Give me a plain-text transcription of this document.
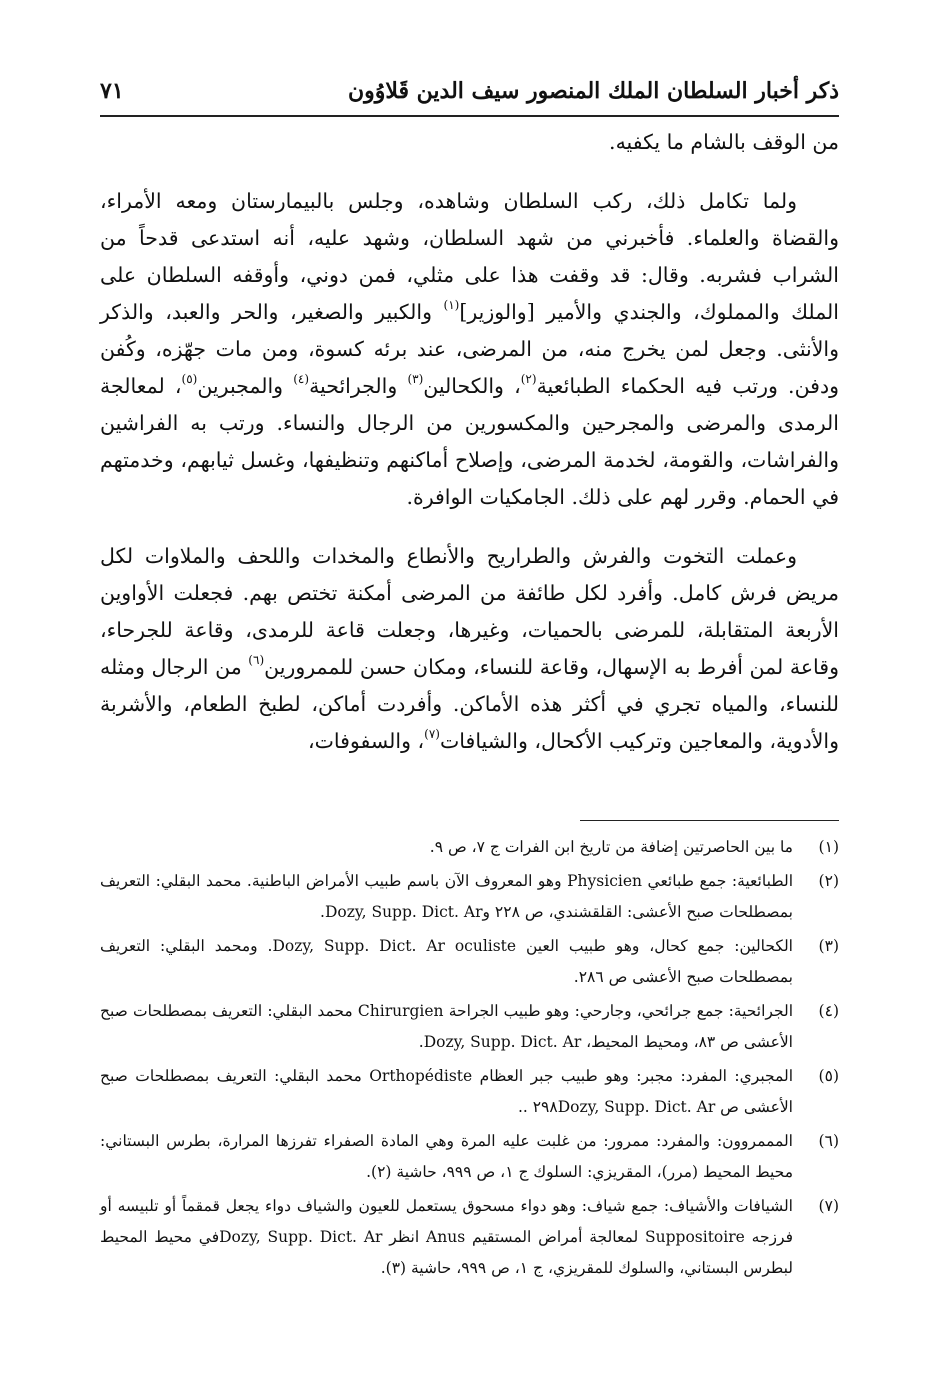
ذكر أخبار السلطان الملك المنصور سيف الدين قَلاوُون
٧١

من الوقف بالشام ما يكفيه.

ولما تكامل ذلك، ركب السلطان وشاهده، وجلس بالبيمارستان ومعه الأمراء، والقضاة والعلماء. فأخبرني من شهد السلطان، وشهد عليه، أنه استدعى قدحاً من الشراب فشربه. وقال: قد وقفت هذا على مثلي، فمن دوني، وأوقفه السلطان على الملك والمملوك، والجندي والأمير [والوزير]$^{(١)}$ والكبير والصغير، والحر والعبد، والذكر والأنثى. وجعل لمن يخرج منه، من المرضى، عند برئه كسوة، ومن مات جهّزه، وكُفن ودفن. ورتب فيه الحكماء الطبائعية$^{(٢)}$، والكحالين$^{(٣)}$ والجرائحية$^{(٤)}$ والمجبرين$^{(٥)}$، لمعالجة الرمدى والمرضى والمجرحين والمكسورين من الرجال والنساء. ورتب به الفراشين والفراشات، والقومة، لخدمة المرضى، وإصلاح أماكنهم وتنظيفها، وغسل ثيابهم، وخدمتهم في الحمام. وقرر لهم على ذلك. الجامكيات الوافرة.

وعملت التخوت والفرش والطراريح والأنطاع والمخدات واللحف والملاوات لكل مريض فرش كامل. وأفرد لكل طائفة من المرضى أمكنة تختص بهم. فجعلت الأواوين الأربعة المتقابلة، للمرضى بالحميات، وغيرها، وجعلت قاعة للرمدى، وقاعة للجرحاء، وقاعة لمن أفرط به الإسهال، وقاعة للنساء، ومكان حسن للممرورين$^{(٦)}$ من الرجال ومثله للنساء، والمياه تجري في أكثر هذه الأماكن. وأفردت أماكن، لطبخ الطعام، والأشربة والأدوية، والمعاجين وتركيب الأكحال، والشيافات$^{(٧)}$، والسفوفات،

(١)
ما بين الحاصرتين إضافة من تاريخ ابن الفرات ج ٧، ص ٩.
(٢)
الطبائعية: جمع طبائعي Physicien وهو المعروف الآن باسم طبيب الأمراض الباطنية. محمد البقلي: التعريف بمصطلحات صبح الأعشى: القلقشندي، ص ٢٢٨ وDozy, Supp. Dict. Ar.
(٣)
الكحالين: جمع كحال، وهو طبيب العين Dozy, Supp. Dict. Ar oculiste. ومحمد البقلي: التعريف بمصطلحات صبح الأعشى ص ٢٨٦.
(٤)
الجرائحية: جمع جرائحي، وجارحي: وهو طبيب الجراحة Chirurgien محمد البقلي: التعريف بمصطلحات صبح الأعشى ص ٨٣، ومحيط المحيط، Dozy, Supp. Dict. Ar.
(٥)
المجبري: المفرد: مجبر: وهو طبيب جبر العظام Orthopédiste محمد البقلي: التعريف بمصطلحات صبح الأعشى ص ٢٩٨Dozy, Supp. Dict. Ar ..
(٦)
المممروون: والمفرد: ممرور: من غلبت عليه المرة وهي المادة الصفراء تفرزها المرارة، بطرس البستاني: محيط المحيط (مرر)، المقريزي: السلوك ج ١، ص ٩٩٩، حاشية (٢).
(٧)
الشيافات والأشياف: جمع شياف: وهو دواء مسحوق يستعمل للعيون والشياف دواء يجعل قمقماً أو تلبيسه أو فرزجه Suppositoire لمعالجة أمراض المستقيم Anus انظر Dozy, Supp. Dict. Arفي محيط المحيط لبطرس البستاني، والسلوك للمقريزي، ج ١، ص ٩٩٩، حاشية (٣).
